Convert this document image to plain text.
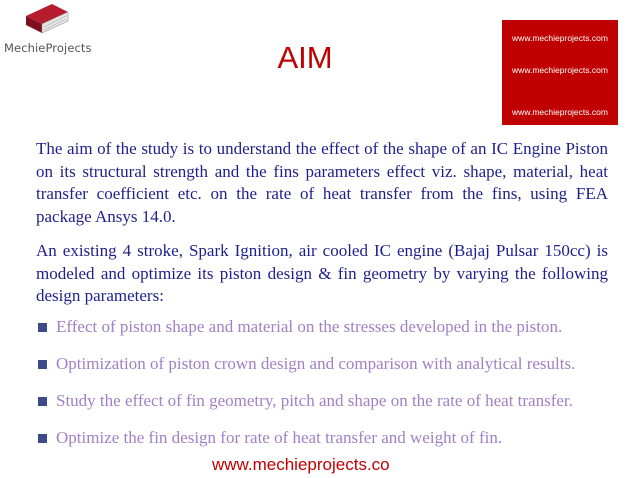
MechieProjects	AIM
www.mechieprojects.com
www.mechieprojects.com
www.mechieprojects.com

The aim of the study is to understand the effect of the shape of an IC Engine Piston on its structural strength and the fins parameters effect viz. shape, material, heat transfer coefficient etc. on the rate of heat transfer from the fins, using FEA package Ansys 14.0.

An existing 4 stroke, Spark Ignition, air cooled IC engine (Bajaj Pulsar 150cc) is modeled and optimize its piston design & fin geometry by varying the following design parameters:

Effect of piston shape and material on the stresses developed in the piston.
Optimization of piston crown design and comparison with analytical results.
Study the effect of fin geometry, pitch and shape on the rate of heat transfer.
Optimize the fin design for rate of heat transfer and weight of fin.
www.mechieprojects.co
